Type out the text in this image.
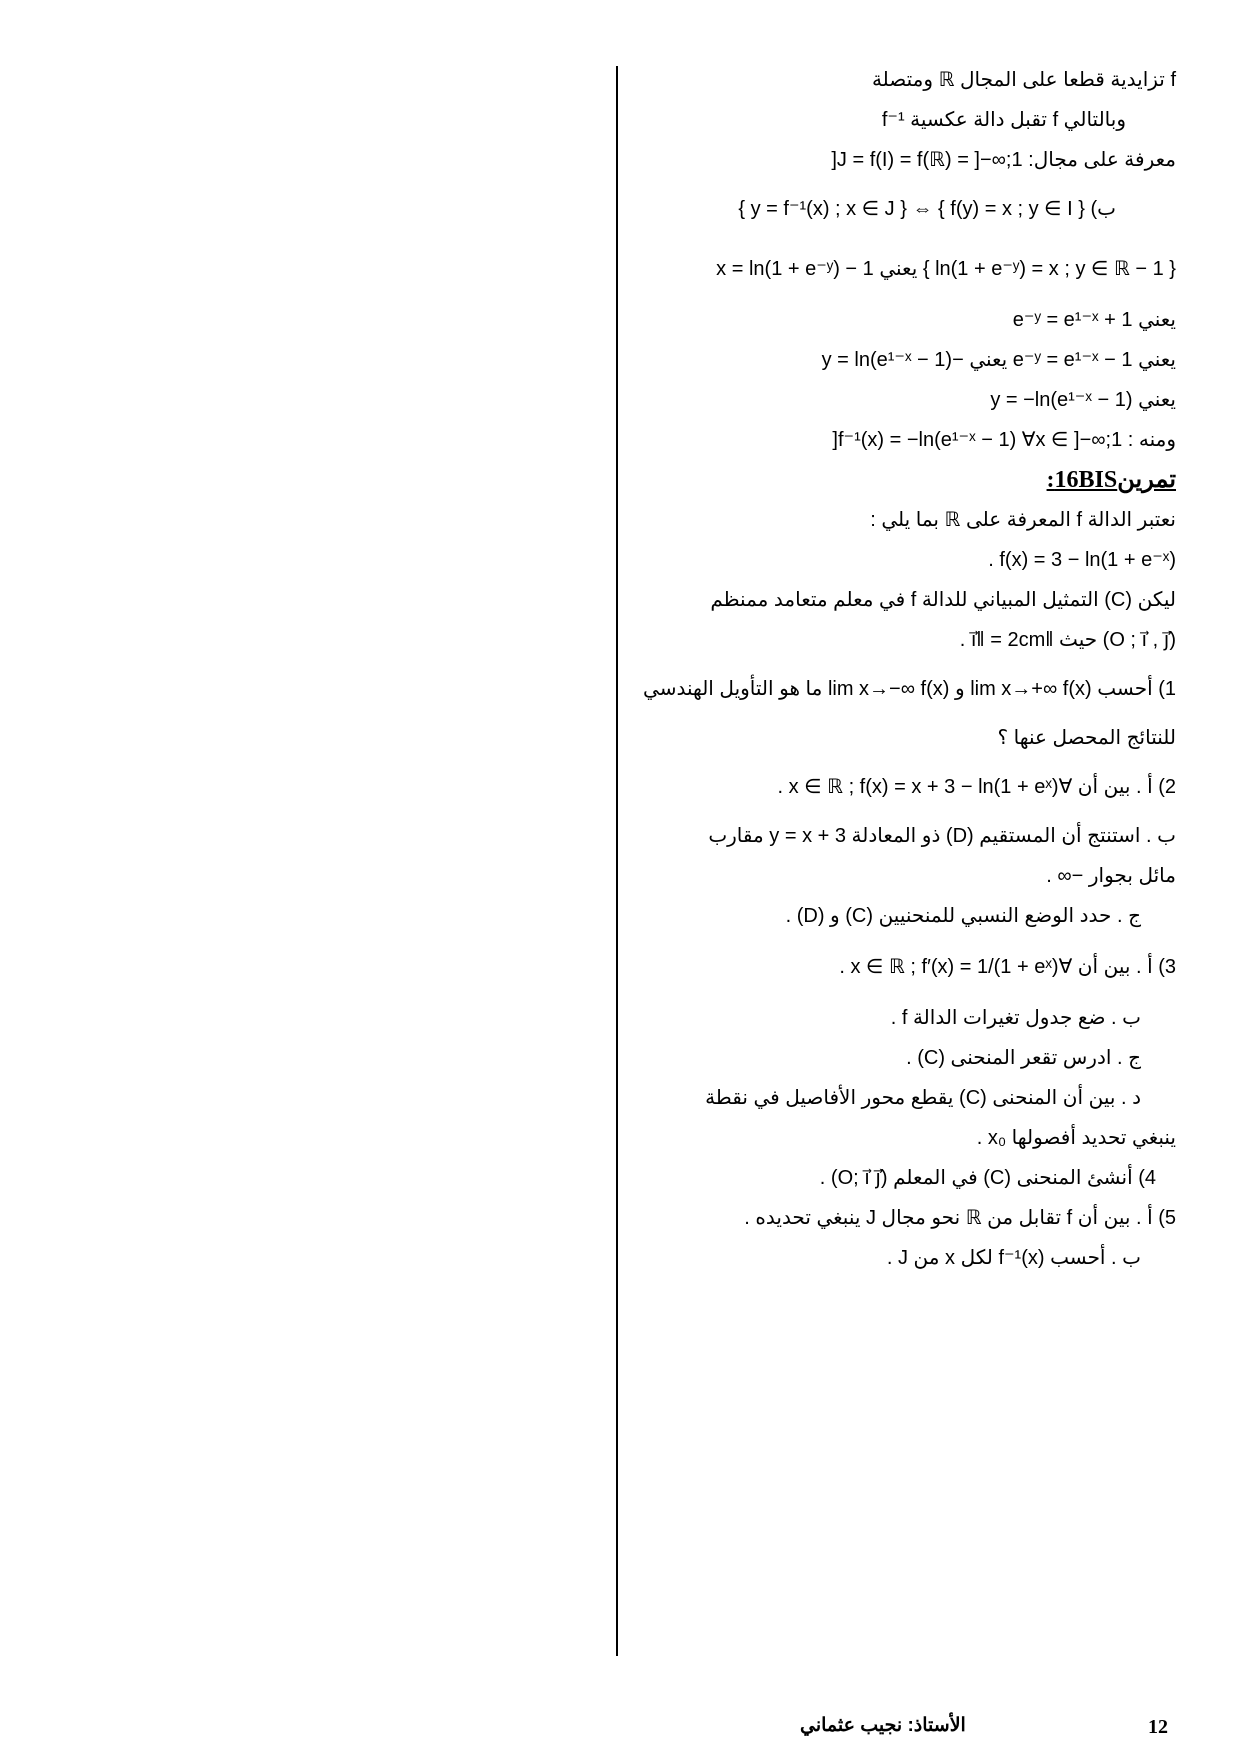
f تزايدية قطعا على المجال ℝ ومتصلة
وبالتالي f تقبل دالة عكسية f⁻¹
معرفة على مجال: J = f(I) = f(ℝ) = ]−∞;1[
ب) { f(y) = x ; y ∈ I } ⇔ { y = f⁻¹(x) ; x ∈ J }
{ 1 − ln(1 + e⁻ʸ) = x ; y ∈ ℝ } يعني 1 − x = ln(1 + e⁻ʸ)
يعني 1 + e⁻ʸ = e¹⁻ˣ
يعني e⁻ʸ = e¹⁻ˣ − 1 يعني −y = ln(e¹⁻ˣ − 1)
يعني y = −ln(e¹⁻ˣ − 1)
ومنه : f⁻¹(x) = −ln(e¹⁻ˣ − 1) ∀x ∈ ]−∞;1[
تمرين16BIS:
نعتبر الدالة f المعرفة على ℝ بما يلي :
f(x) = 3 − ln(1 + e⁻ˣ) .
ليكن (C) التمثيل المبياني للدالة f في معلم متعامد ممنظم
(O ; i⃗ , j⃗) حيث ‖i⃗‖ = 2cm .
1) أحسب lim x→+∞ f(x) و lim x→−∞ f(x) ما هو التأويل الهندسي
للنتائج المحصل عنها ؟
2) أ . بين أن ∀x ∈ ℝ ; f(x) = x + 3 − ln(1 + eˣ) .
ب . استنتج أن المستقيم (D) ذو المعادلة y = x + 3 مقارب
مائل بجوار −∞ .
ج . حدد الوضع النسبي للمنحنيين (C) و (D) .
3) أ . بين أن ∀x ∈ ℝ ; f′(x) = 1/(1 + eˣ) .
ب . ضع جدول تغيرات الدالة f .
ج . ادرس تقعر المنحنى (C) .
د . بين أن المنحنى (C) يقطع محور الأفاصيل في نقطة
ينبغي تحديد أفصولها x₀ .
4) أنشئ المنحنى (C) في المعلم (O; i⃗ j⃗) .
5) أ . بين أن f تقابل من ℝ نحو مجال J ينبغي تحديده .
ب . أحسب f⁻¹(x) لكل x من J .
12
الأستاذ: نجيب عثماني
